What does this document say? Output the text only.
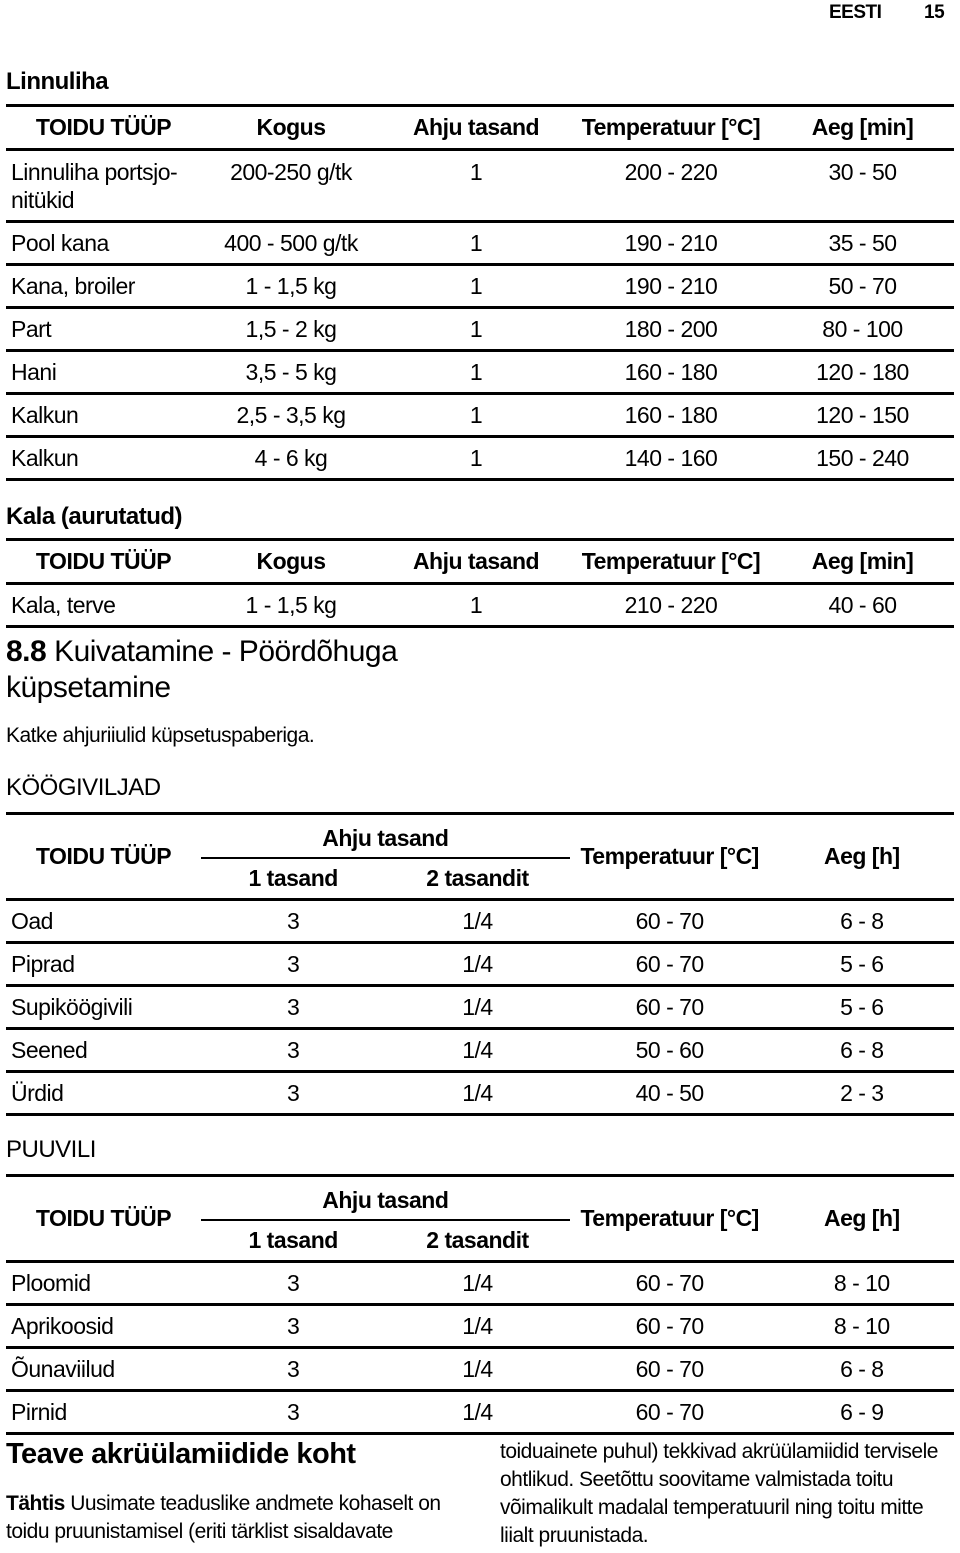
EESTI 15
Linnuliha
TOIDU TÜÜP	Kogus	Ahju tasand	Temperatuur [°C]	Aeg [min]
Linnuliha portsjo-nitükid	200-250 g/tk	1	200 - 220	30 - 50
Pool kana	400 - 500 g/tk	1	190 - 210	35 - 50
Kana, broiler	1 - 1,5 kg	1	190 - 210	50 - 70
Part	1,5 - 2 kg	1	180 - 200	80 - 100
Hani	3,5 - 5 kg	1	160 - 180	120 - 180
Kalkun	2,5 - 3,5 kg	1	160 - 180	120 - 150
Kalkun	4 - 6 kg	1	140 - 160	150 - 240
Kala (aurutatud)
TOIDU TÜÜP	Kogus	Ahju tasand	Temperatuur [°C]	Aeg [min]
Kala, terve	1 - 1,5 kg	1	210 - 220	40 - 60
8.8 Kuivatamine - Pöördõhuga
küpsetamine
Katke ahjuriiulid küpsetuspaberiga.
KÖÖGIVILJAD
TOIDU TÜÜP	Ahju tasand		Temperatuur [°C]	Aeg [h]
	1 tasand	2 tasandit		
Oad	3	1/4	60 - 70	6 - 8
Piprad	3	1/4	60 - 70	5 - 6
Supiköögivili	3	1/4	60 - 70	5 - 6
Seened	3	1/4	50 - 60	6 - 8
Ürdid	3	1/4	40 - 50	2 - 3
PUUVILI
TOIDU TÜÜP	Ahju tasand		Temperatuur [°C]	Aeg [h]
	1 tasand	2 tasandit		
Ploomid	3	1/4	60 - 70	8 - 10
Aprikoosid	3	1/4	60 - 70	8 - 10
Õunaviilud	3	1/4	60 - 70	6 - 8
Pirnid	3	1/4	60 - 70	6 - 9
Teave akrüülamiidide koht
Tähtis Uusimate teaduslike andmete kohaselt on toidu pruunistamisel (eriti tärklist sisaldavate
toiduainete puhul) tekkivad akrüülamiidid tervisele ohtlikud. Seetõttu soovitame valmistada toitu võimalikult madalal temperatuuril ning toitu mitte liialt pruunistada.
